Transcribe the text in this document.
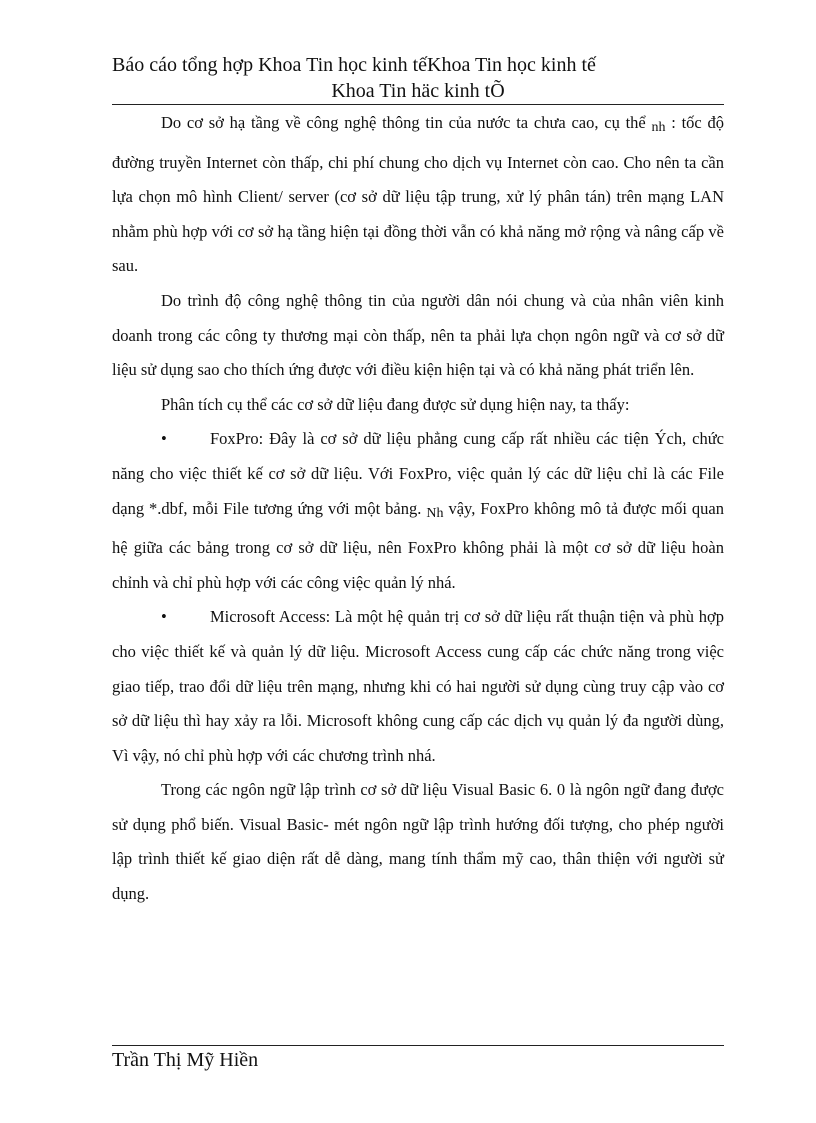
Báo cáo tổng hợp Khoa Tin học kinh tếKhoa Tin học kinh tế
Khoa Tin häc kinh tÕ

Do cơ sở hạ tầng về công nghệ thông tin của nước ta chưa cao, cụ thể nh : tốc độ đường truyền Internet còn thấp, chi phí chung cho dịch vụ Internet còn cao. Cho nên ta cần lựa chọn mô hình Client/ server (cơ sở dữ liệu tập trung, xử lý phân tán) trên mạng LAN nhằm phù hợp với cơ sở hạ tầng hiện tại đồng thời vẫn có khả năng mở rộng và nâng cấp về sau.

Do trình độ công nghệ thông tin của người dân nói chung và của nhân viên kinh doanh trong các công ty thương mại còn thấp, nên ta phải lựa chọn ngôn ngữ và cơ sở dữ liệu sử dụng sao cho thích ứng được với điều kiện hiện tại và có khả năng phát triển lên.

Phân tích cụ thể các cơ sở dữ liệu đang được sử dụng hiện nay, ta thấy:

•	FoxPro: Đây là cơ sở dữ liệu phẳng cung cấp rất nhiều các tiện Ých, chức năng cho việc thiết kế cơ sở dữ liệu. Với FoxPro, việc quản lý các dữ liệu chỉ là các File dạng *.dbf, mỗi File tương ứng với một bảng. Nh vậy, FoxPro không mô tả được mối quan hệ giữa các bảng trong cơ sở dữ liệu, nên FoxPro không phải là một cơ sở dữ liệu hoàn chỉnh và chỉ phù hợp với các công việc quản lý nhá.

•	Microsoft Access: Là một hệ quản trị cơ sở dữ liệu rất thuận tiện và phù hợp cho việc thiết kế và quản lý dữ liệu. Microsoft Access cung cấp các chức năng trong việc giao tiếp, trao đổi dữ liệu trên mạng, nhưng khi có hai người sử dụng cùng truy cập vào cơ sở dữ liệu thì hay xảy ra lỗi. Microsoft không cung cấp các dịch vụ quản lý đa người dùng, Vì vậy, nó chỉ phù hợp với các chương trình nhá.

Trong các ngôn ngữ lập trình cơ sở dữ liệu Visual Basic 6. 0 là ngôn ngữ đang được sử dụng phổ biến. Visual Basic- mét ngôn ngữ lập trình hướng đối tượng, cho phép người lập trình thiết kế giao diện rất dễ dàng, mang tính thẩm mỹ cao, thân thiện với người sử dụng.

Trần Thị Mỹ Hiền
